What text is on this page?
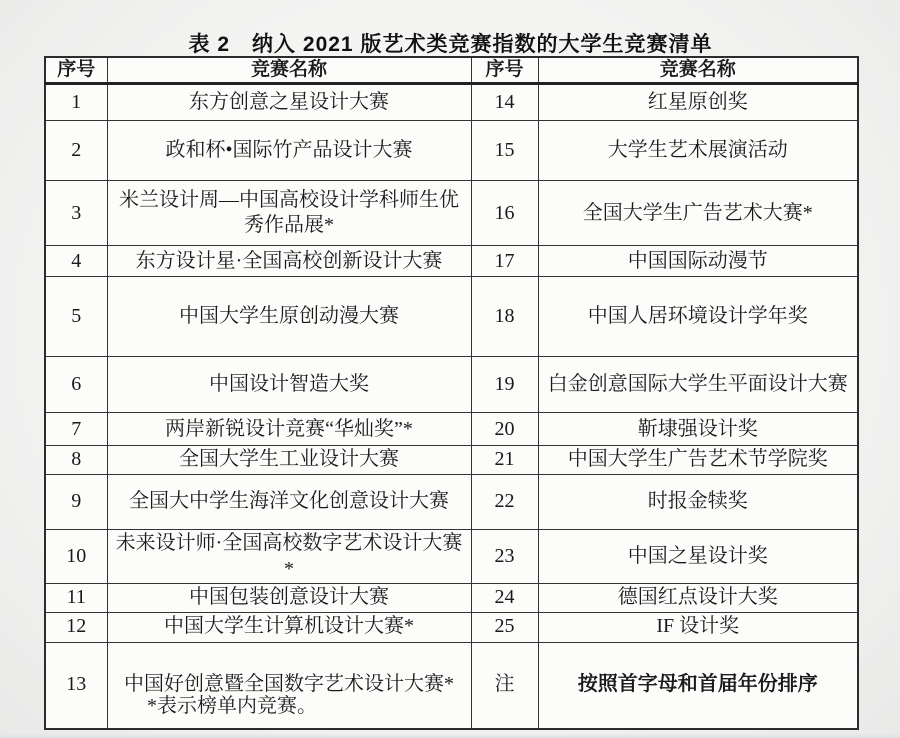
表 2　纳入 2021 版艺术类竞赛指数的大学生竞赛清单
序号	竞赛名称	序号	竞赛名称
1	东方创意之星设计大赛	14	红星原创奖
2	政和杯•国际竹产品设计大赛	15	大学生艺术展演活动
3	米兰设计周—中国高校设计学科师生优秀作品展*	16	全国大学生广告艺术大赛*
4	东方设计星·全国高校创新设计大赛	17	中国国际动漫节
5	中国大学生原创动漫大赛	18	中国人居环境设计学年奖
6	中国设计智造大奖	19	白金创意国际大学生平面设计大赛
7	两岸新锐设计竞赛“华灿奖”*	20	靳埭强设计奖
8	全国大学生工业设计大赛	21	中国大学生广告艺术节学院奖
9	全国大中学生海洋文化创意设计大赛	22	时报金犊奖
10	未来设计师·全国高校数字艺术设计大赛*	23	中国之星设计奖
11	中国包装创意设计大赛	24	德国红点设计大奖
12	中国大学生计算机设计大赛*	25	IF 设计奖
13	中国好创意暨全国数字艺术设计大赛*	注	按照首字母和首届年份排序
*表示榜单内竞赛。
